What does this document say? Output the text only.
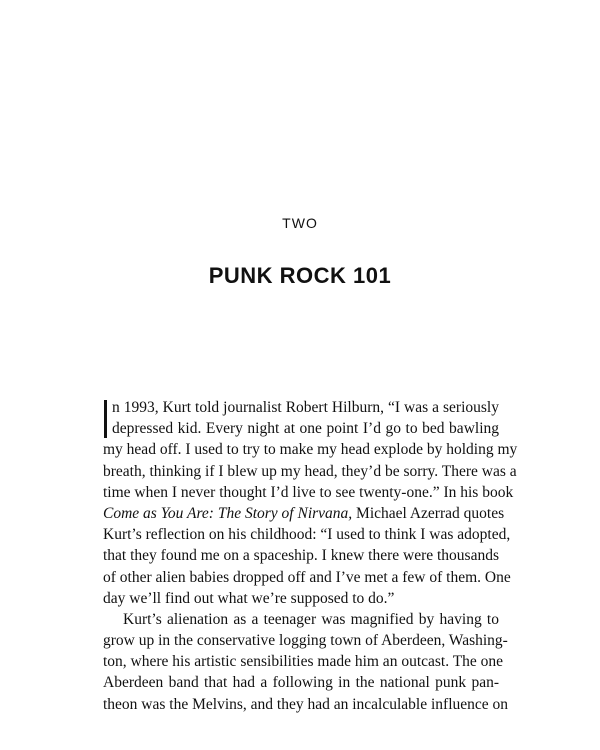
TWO
PUNK ROCK 101
n 1993, Kurt told journalist Robert Hilburn, “I was a seriously
depressed kid. Every night at one point I’d go to bed bawling
my head off. I used to try to make my head explode by holding my
breath, thinking if I blew up my head, they’d be sorry. There was a
time when I never thought I’d live to see twenty-one.” In his book
Come as You Are: The Story of Nirvana, Michael Azerrad quotes
Kurt’s reflection on his childhood: “I used to think I was adopted,
that they found me on a spaceship. I knew there were thousands
of other alien babies dropped off and I’ve met a few of them. One
day we’ll find out what we’re supposed to do.”
Kurt’s alienation as a teenager was magnified by having to
grow up in the conservative logging town of Aberdeen, Washing-
ton, where his artistic sensibilities made him an outcast. The one
Aberdeen band that had a following in the national punk pan-
theon was the Melvins, and they had an incalculable influence on
